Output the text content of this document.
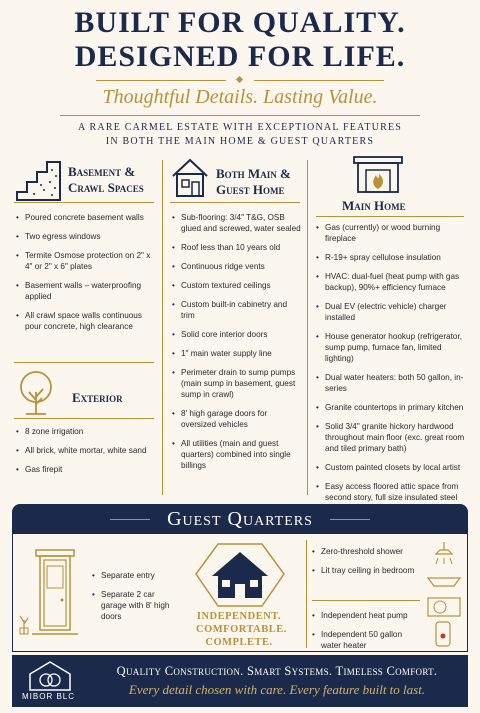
BUILT FOR QUALITY.
DESIGNED FOR LIFE.
Thoughtful Details. Lasting Value.
A RARE CARMEL ESTATE WITH EXCEPTIONAL FEATURES
IN BOTH THE MAIN HOME & GUEST QUARTERS
Basement &
Crawl Spaces
• Poured concrete basement walls
• Two egress windows
• Termite Osmose protection on 2" x 4" or 2" x 6" plates
• Basement walls – waterproofing applied
• All crawl space walls continuous pour concrete, high clearance
Exterior
• 8 zone irrigation
• All brick, white mortar, white sand
• Gas firepit
Both Main &
Guest Home
• Sub-flooring: 3/4" T&G, OSB glued and screwed, water sealed
• Roof less than 10 years old
• Continuous ridge vents
• Custom textured ceilings
• Custom built-in cabinetry and trim
• Solid core interior doors
• 1" main water supply line
• Perimeter drain to sump pumps (main sump in basement, guest sump in crawl)
• 8' high garage doors for oversized vehicles
• All utilities (main and guest quarters) combined into single billings
Main Home
• Gas (currently) or wood burning fireplace
• R-19+ spray cellulose insulation
• HVAC: dual-fuel (heat pump with gas backup), 90%+ efficiency furnace
• Dual EV (electric vehicle) charger installed
• House generator hookup (refrigerator, sump pump, furnace fan, limited lighting)
• Dual water heaters: both 50 gallon, in-series
• Granite countertops in primary kitchen
• Solid 3/4" granite hickory hardwood throughout main floor (exc. great room and tiled primary bath)
• Custom painted closets by local artist
• Easy access floored attic space from second story, full size insulated steel
Guest Quarters
• Separate entry
• Separate 2 car garage with 8' high doors	INDEPENDENT.
COMFORTABLE.
COMPLETE.
• Zero-threshold shower
• Lit tray ceiling in bedroom
• Independent heat pump
• Independent 50 gallon water heater
MIBOR BLC
Quality Construction. Smart Systems. Timeless Comfort.
Every detail chosen with care. Every feature built to last.
